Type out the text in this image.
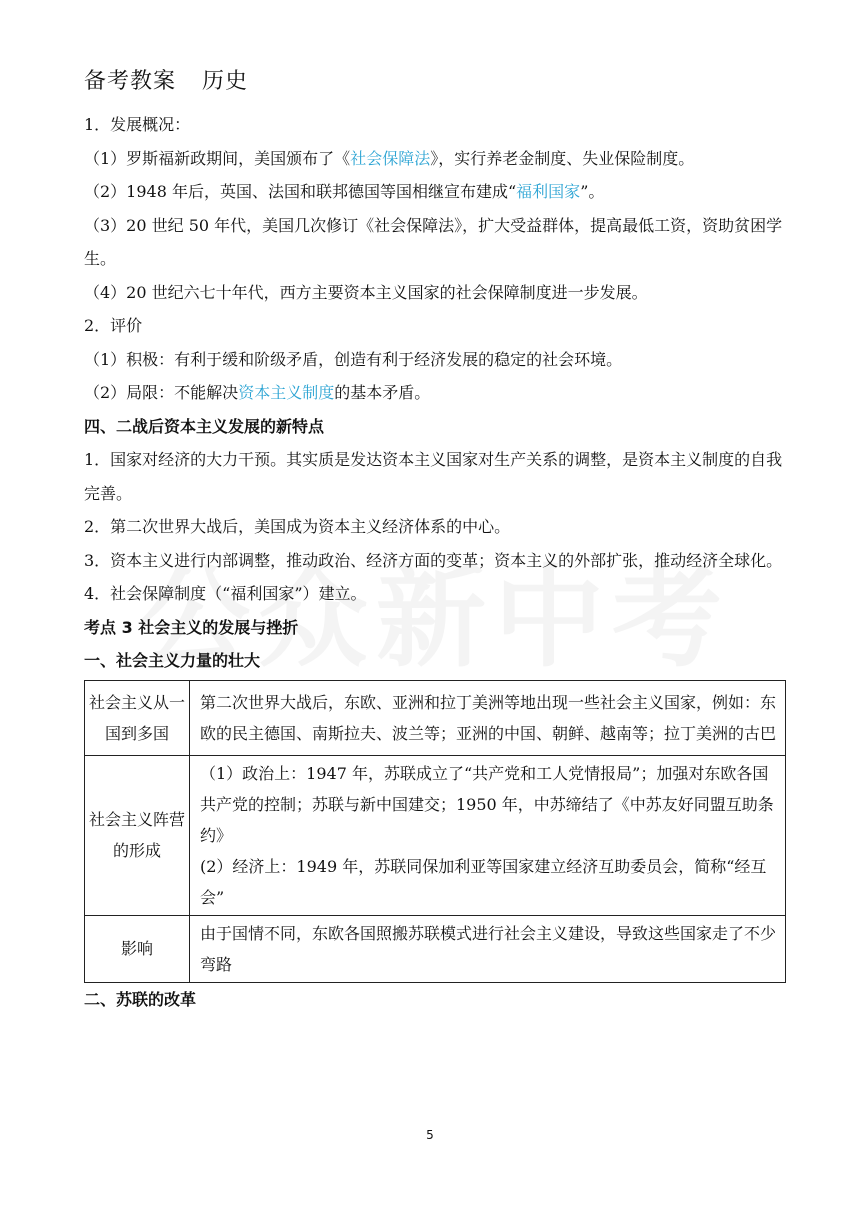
备考教案 历史
1．发展概况：
（1）罗斯福新政期间，美国颁布了《社会保障法》，实行养老金制度、失业保险制度。
（2）1948 年后，英国、法国和联邦德国等国相继宣布建成“福利国家”。
（3）20 世纪 50 年代，美国几次修订《社会保障法》，扩大受益群体，提高最低工资，资助贫困学生。
（4）20 世纪六七十年代，西方主要资本主义国家的社会保障制度进一步发展。
2．评价
（1）积极：有利于缓和阶级矛盾，创造有利于经济发展的稳定的社会环境。
（2）局限：不能解决资本主义制度的基本矛盾。
四、二战后资本主义发展的新特点
1．国家对经济的大力干预。其实质是发达资本主义国家对生产关系的调整，是资本主义制度的自我完善。
2．第二次世界大战后，美国成为资本主义经济体系的中心。
3．资本主义进行内部调整，推动政治、经济方面的变革；资本主义的外部扩张，推动经济全球化。
4．社会保障制度（“福利国家”）建立。
考点 3 社会主义的发展与挫折
一、社会主义力量的壮大
社会主义从一国到多国	第二次世界大战后，东欧、亚洲和拉丁美洲等地出现一些社会主义国家，例如：东欧的民主德国、南斯拉夫、波兰等；亚洲的中国、朝鲜、越南等；拉丁美洲的古巴
社会主义阵营的形成	（1）政治上：1947 年，苏联成立了“共产党和工人党情报局”；加强对东欧各国共产党的控制；苏联与新中国建交；1950 年，中苏缔结了《中苏友好同盟互助条约》
(2）经济上：1949 年，苏联同保加利亚等国家建立经济互助委员会，简称“经互会”

影响	由于国情不同，东欧各国照搬苏联模式进行社会主义建设，导致这些国家走了不少弯路
二、苏联的改革
5
